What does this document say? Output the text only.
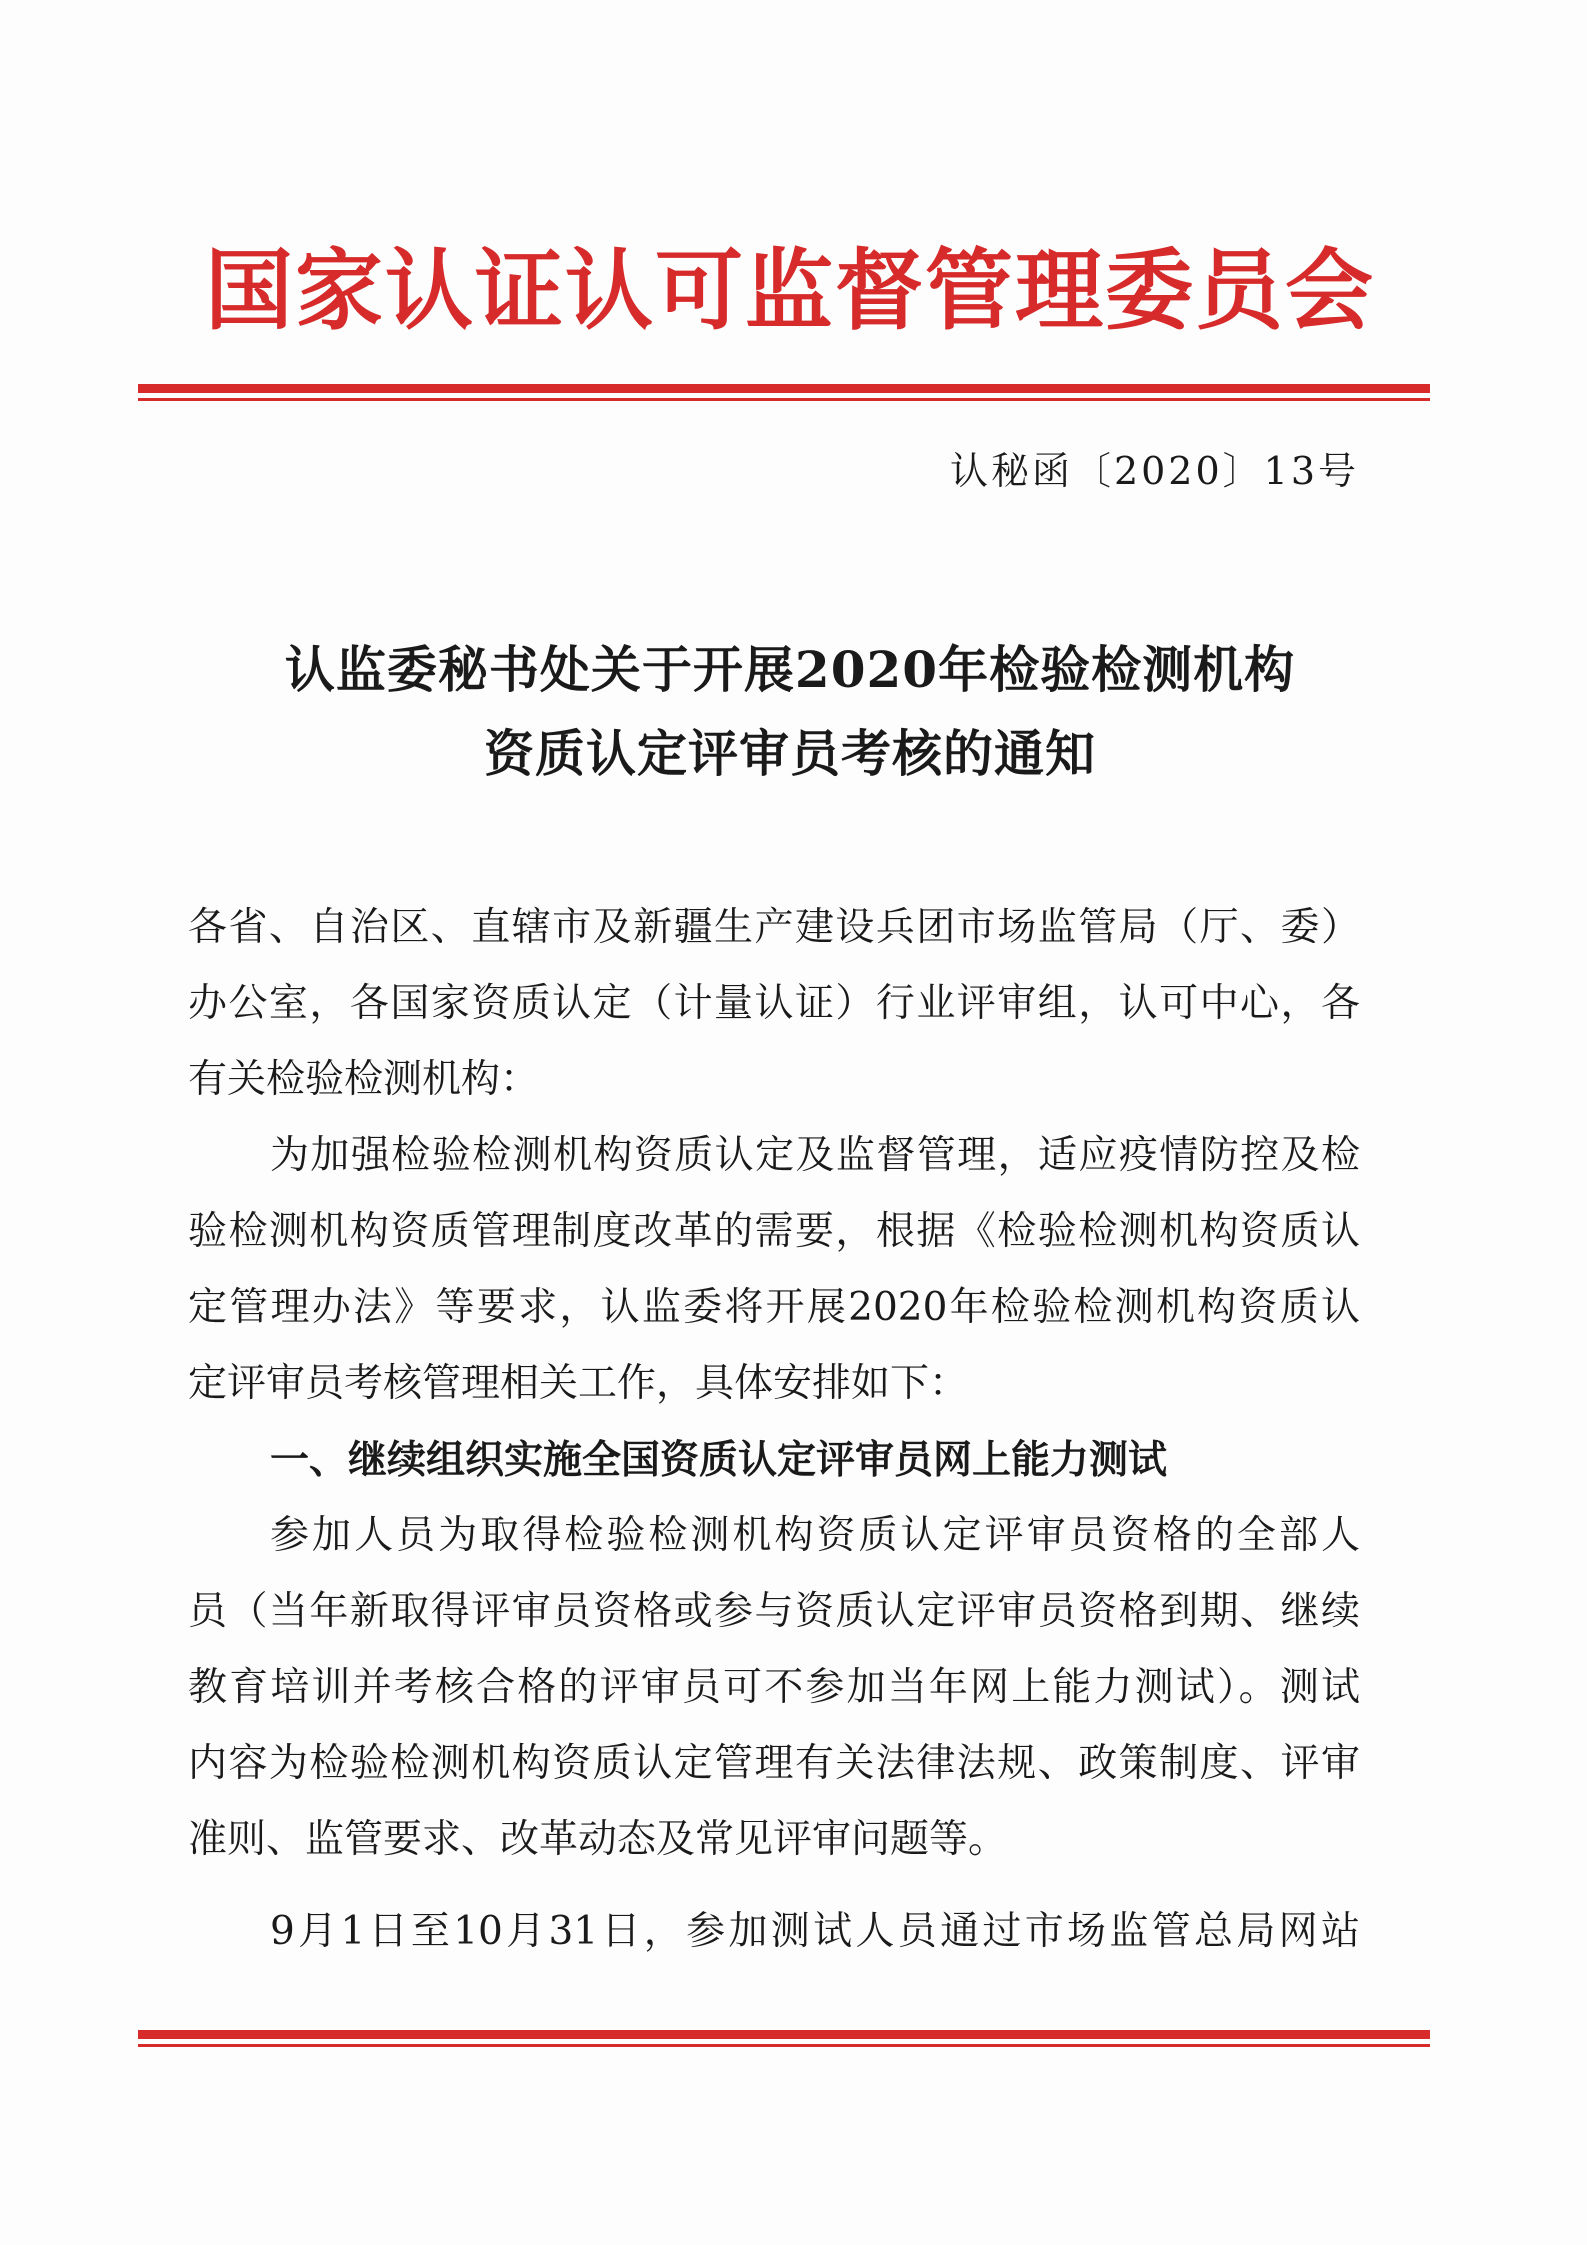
国家认证认可监督管理委员会
认秘函〔2020〕13号
认监委秘书处关于开展2020年检验检测机构
资质认定评审员考核的通知
各省、自治区、直辖市及新疆生产建设兵团市场监管局（厅、委）
办公室，各国家资质认定（计量认证）行业评审组，认可中心，各
有关检验检测机构：
为加强检验检测机构资质认定及监督管理，适应疫情防控及检
验检测机构资质管理制度改革的需要，根据《检验检测机构资质认
定管理办法》等要求，认监委将开展2020年检验检测机构资质认
定评审员考核管理相关工作，具体安排如下：
一、继续组织实施全国资质认定评审员网上能力测试
参加人员为取得检验检测机构资质认定评审员资格的全部人
员（当年新取得评审员资格或参与资质认定评审员资格到期、继续
教育培训并考核合格的评审员可不参加当年网上能力测试）。测试
内容为检验检测机构资质认定管理有关法律法规、政策制度、评审
准则、监管要求、改革动态及常见评审问题等。
9月1日至10月31日，参加测试人员通过市场监管总局网站
